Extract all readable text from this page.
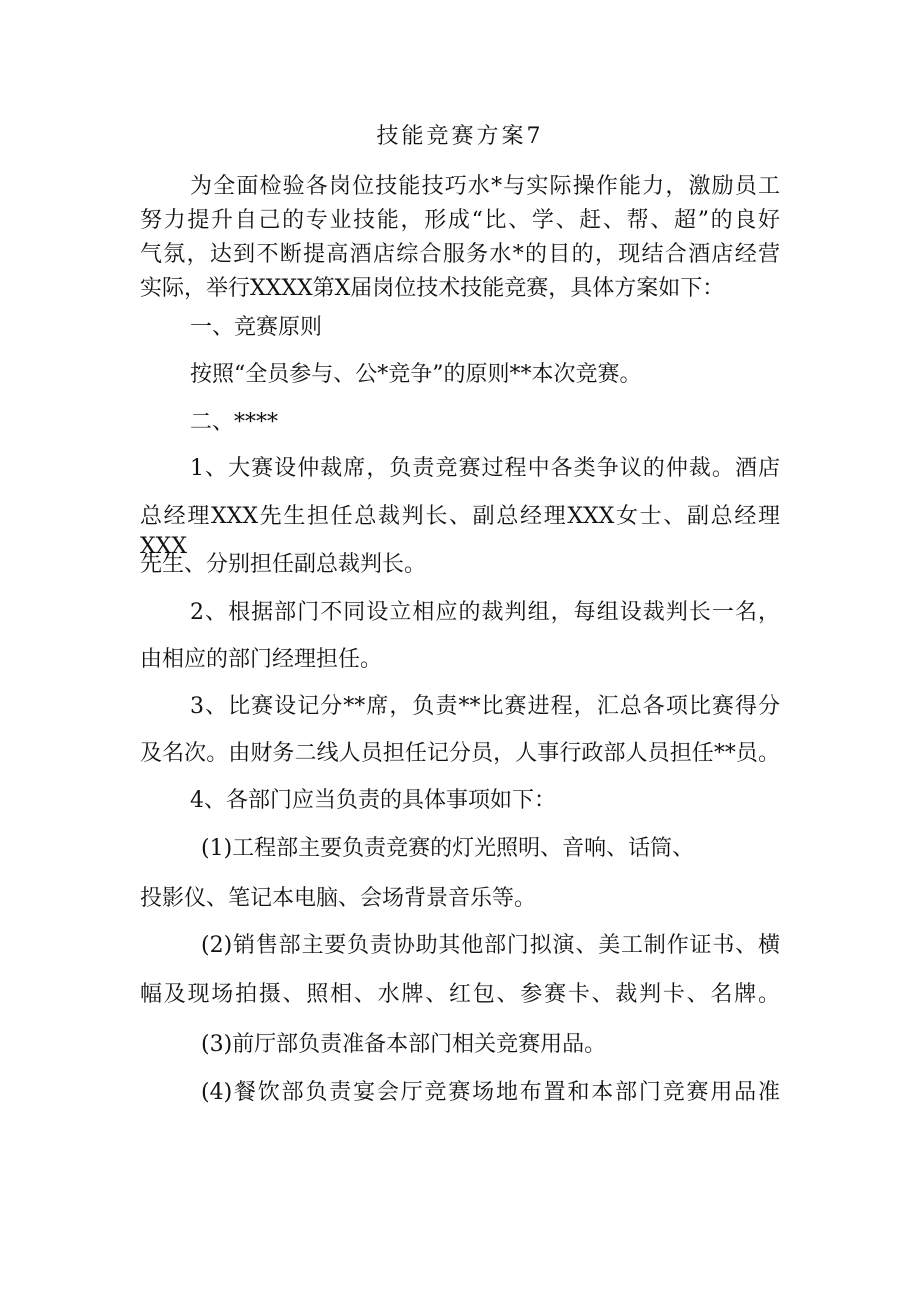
技能竞赛方案7
为全面检验各岗位技能技巧水*与实际操作能力，激励员工
努力提升自己的专业技能，形成“比、学、赶、帮、超”的良好
气氛，达到不断提高酒店综合服务水*的目的，现结合酒店经营
实际，举行XXXX第X届岗位技术技能竞赛，具体方案如下：
一、竞赛原则
按照“全员参与、公*竞争”的原则**本次竞赛。
二、****
1、大赛设仲裁席，负责竞赛过程中各类争议的仲裁。酒店
总经理XXX先生担任总裁判长、副总经理XXX女士、副总经理XXX
先生、分别担任副总裁判长。
2、根据部门不同设立相应的裁判组，每组设裁判长一名，
由相应的部门经理担任。
3、比赛设记分**席，负责**比赛进程，汇总各项比赛得分
及名次。由财务二线人员担任记分员，人事行政部人员担任**员。
4、各部门应当负责的具体事项如下：
(1)工程部主要负责竞赛的灯光照明、音响、话筒、
投影仪、笔记本电脑、会场背景音乐等。
(2)销售部主要负责协助其他部门拟演、美工制作证书、横
幅及现场拍摄、照相、水牌、红包、参赛卡、裁判卡、名牌。
(3)前厅部负责准备本部门相关竞赛用品。
(4)餐饮部负责宴会厅竞赛场地布置和本部门竞赛用品准
